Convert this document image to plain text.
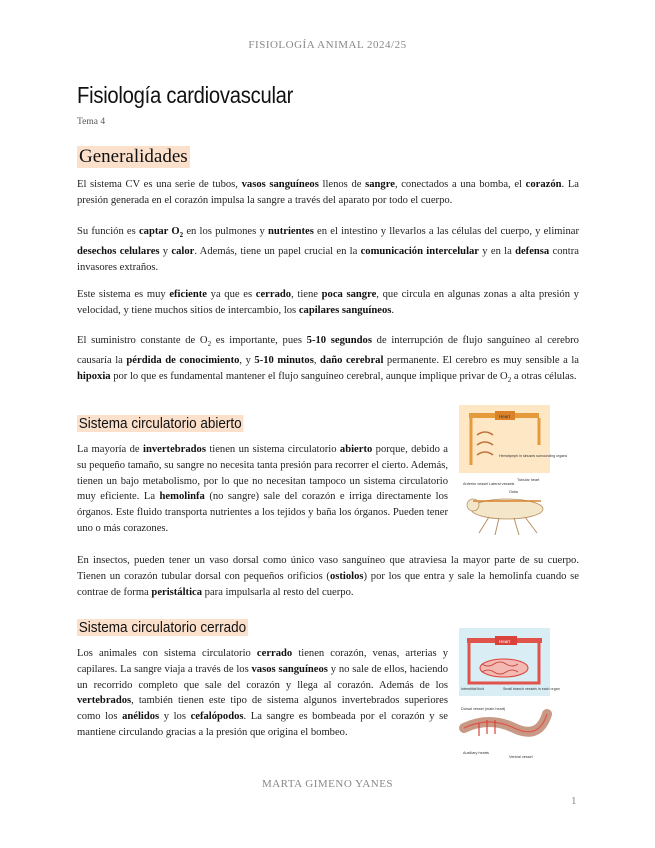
FISIOLOGÍA ANIMAL 2024/25
Fisiología cardiovascular
Tema 4
Generalidades
El sistema CV es una serie de tubos, vasos sanguíneos llenos de sangre, conectados a una bomba, el corazón. La presión generada en el corazón impulsa la sangre a través del aparato por todo el cuerpo.
Su función es captar $O_2$ en los pulmones y nutrientes en el intestino y llevarlos a las células del cuerpo, y eliminar desechos celulares y calor. Además, tiene un papel crucial en la comunicación intercelular y en la defensa contra invasores extraños.
Este sistema es muy eficiente ya que es cerrado, tiene poca sangre, que circula en algunas zonas a alta presión y velocidad, y tiene muchos sitios de intercambio, los capilares sanguíneos.
El suministro constante de $O_2$ es importante, pues 5-10 segundos de interrupción de flujo sanguíneo al cerebro causaría la pérdida de conocimiento, y 5-10 minutos, daño cerebral permanente. El cerebro es muy sensible a la hipoxia por lo que es fundamental mantener el flujo sanguíneo cerebral, aunque implique privar de $O_2$ a otras células.
Sistema circulatorio abierto
La mayoría de invertebrados tienen un sistema circulatorio abierto porque, debido a su pequeño tamaño, su sangre no necesita tanta presión para recorrer el cierto. Además, tienen un bajo metabolismo, por lo que no necesitan tampoco un sistema circulatorio muy eficiente. La hemolinfa (no sangre) sale del corazón e irriga directamente los órganos. Este fluido transporta nutrientes a los tejidos y baña los órganos. Pueden tener uno o más corazones.
Heart
Hemolymph in sinuses surrounding organs
Anterior vessel Lateral vessels
Tubular heart
Ostia
En insectos, pueden tener un vaso dorsal como único vaso sanguíneo que atraviesa la mayor parte de su cuerpo. Tienen un corazón tubular dorsal con pequeños orificios (ostiolos) por los que entra y sale la hemolinfa cuando se contrae de forma peristáltica para impulsarla al resto del cuerpo.
Sistema circulatorio cerrado
Los animales con sistema circulatorio cerrado tienen corazón, venas, arterias y capilares. La sangre viaja a través de los vasos sanguíneos y no sale de ellos, haciendo un recorrido completo que sale del corazón y llega al corazón. Además de los vertebrados, también tienen este tipo de sistema algunos invertebrados superiores como los anélidos y los cefalópodos. La sangre es bombeada por el corazón y se mantiene circulando gracias a la presión que origina el bombeo.
Heart
Interstitial fluid	Small branch vessels in each organ
Dorsal vessel (main heart)
Auxiliary hearts
Ventral vessel
MARTA GIMENO YANES
1
